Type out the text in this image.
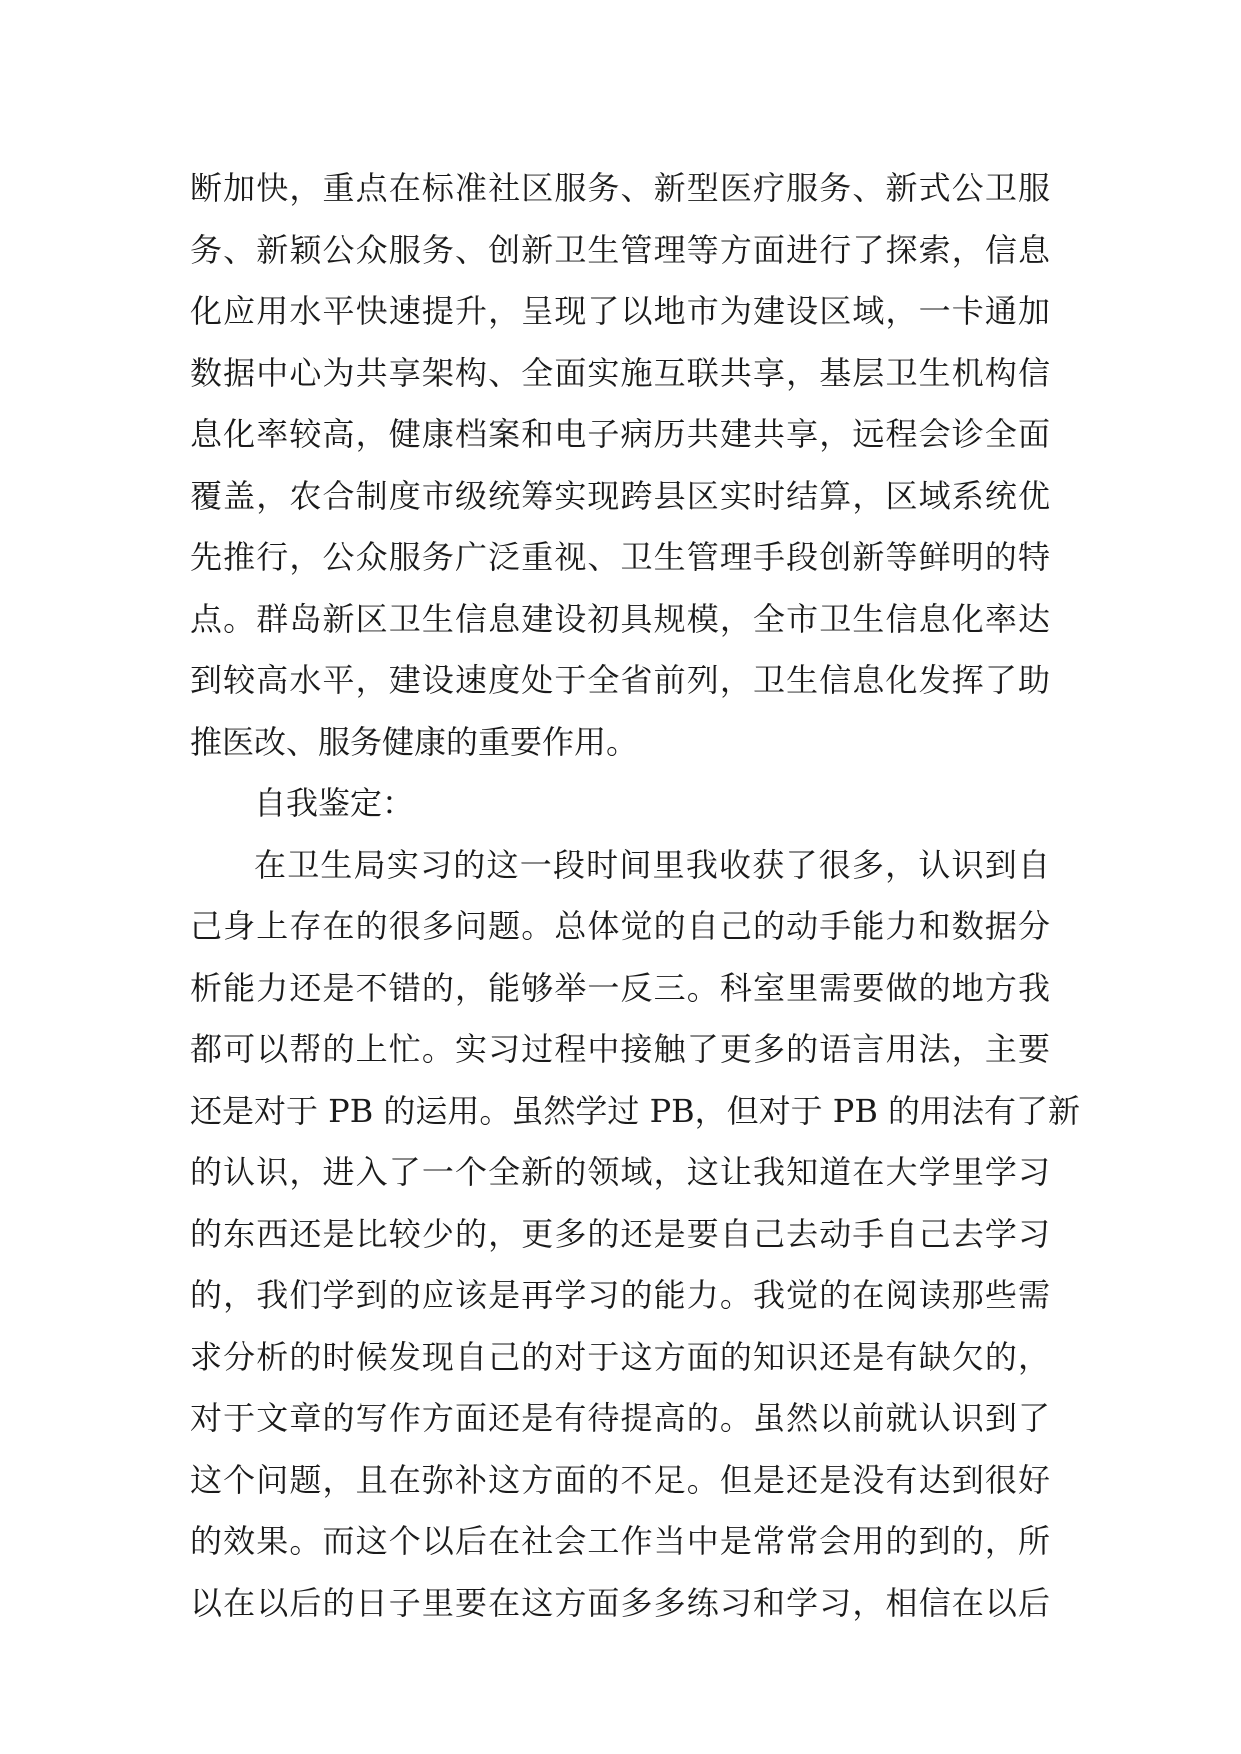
断加快，重点在标准社区服务、新型医疗服务、新式公卫服
务、新颖公众服务、创新卫生管理等方面进行了探索，信息
化应用水平快速提升，呈现了以地市为建设区域，一卡通加
数据中心为共享架构、全面实施互联共享，基层卫生机构信
息化率较高，健康档案和电子病历共建共享，远程会诊全面
覆盖，农合制度市级统筹实现跨县区实时结算，区域系统优
先推行，公众服务广泛重视、卫生管理手段创新等鲜明的特
点。群岛新区卫生信息建设初具规模，全市卫生信息化率达
到较高水平，建设速度处于全省前列，卫生信息化发挥了助
推医改、服务健康的重要作用。
自我鉴定：
在卫生局实习的这一段时间里我收获了很多，认识到自
己身上存在的很多问题。总体觉的自己的动手能力和数据分
析能力还是不错的，能够举一反三。科室里需要做的地方我
都可以帮的上忙。实习过程中接触了更多的语言用法，主要
还是对于 PB 的运用。虽然学过 PB，但对于 PB 的用法有了新
的认识，进入了一个全新的领域，这让我知道在大学里学习
的东西还是比较少的，更多的还是要自己去动手自己去学习
的，我们学到的应该是再学习的能力。我觉的在阅读那些需
求分析的时候发现自己的对于这方面的知识还是有缺欠的，
对于文章的写作方面还是有待提高的。虽然以前就认识到了
这个问题，且在弥补这方面的不足。但是还是没有达到很好
的效果。而这个以后在社会工作当中是常常会用的到的，所
以在以后的日子里要在这方面多多练习和学习，相信在以后
